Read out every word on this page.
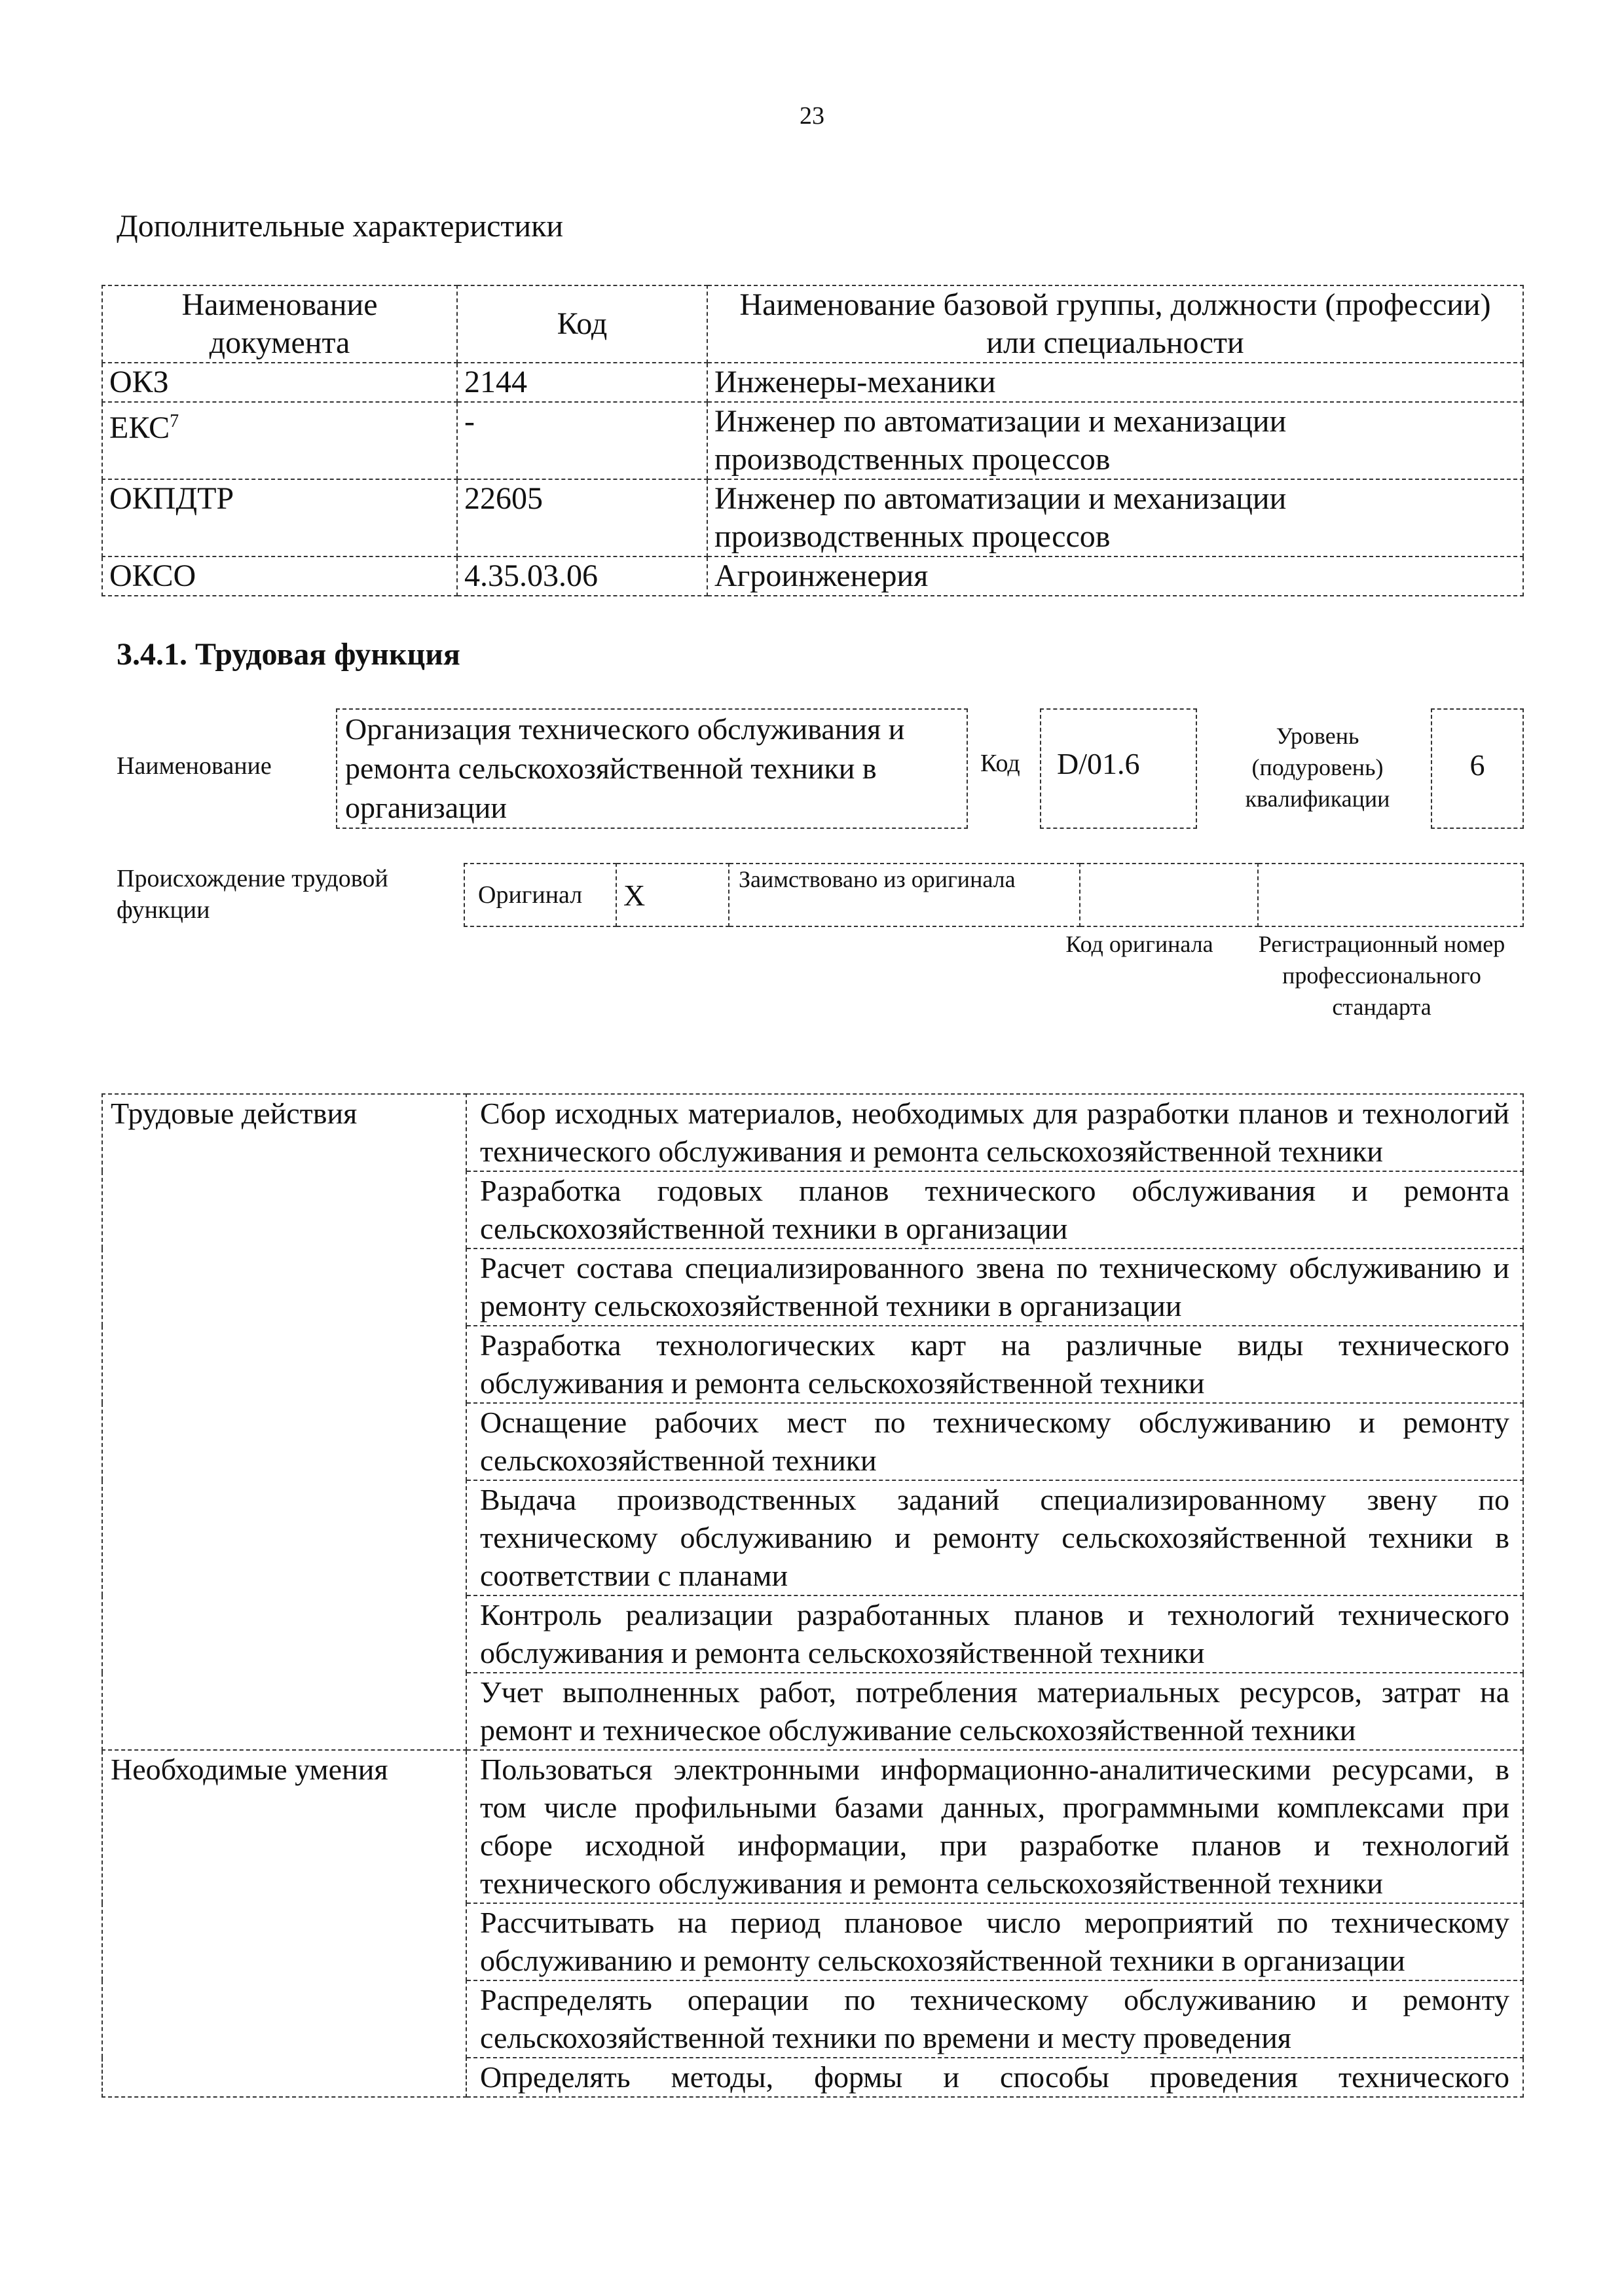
23
Дополнительные характеристики
Наименование документа	Код	Наименование базовой группы, должности (профессии) или специальности
ОКЗ	2144	Инженеры-механики
ЕКС$^7$	-	Инженер по автоматизации и механизации производственных процессов
ОКПДТР	22605	Инженер по автоматизации и механизации производственных процессов
ОКСО	4.35.03.06	Агроинженерия
3.4.1. Трудовая функция
Наименование
Организация технического обслуживания и ремонта сельскохозяйственной техники в организации
Код	D/01.6
Уровень (подуровень) квалификации
6
Происхождение трудовой функции
Оригинал	X	Заимствовано из оригинала		
Код оригинала	Регистрационный номер профессионального стандарта
Трудовые действия	Сбор исходных материалов, необходимых для разработки планов и технологий технического обслуживания и ремонта сельскохозяйственной техники
	Разработка годовых планов технического обслуживания и ремонта сельскохозяйственной техники в организации
	Расчет состава специализированного звена по техническому обслуживанию и ремонту сельскохозяйственной техники в организации
	Разработка технологических карт на различные виды технического обслуживания и ремонта сельскохозяйственной техники
	Оснащение рабочих мест по техническому обслуживанию и ремонту сельскохозяйственной техники
	Выдача производственных заданий специализированному звену по техническому обслуживанию и ремонту сельскохозяйственной техники в соответствии с планами
	Контроль реализации разработанных планов и технологий технического обслуживания и ремонта сельскохозяйственной техники
	Учет выполненных работ, потребления материальных ресурсов, затрат на ремонт и техническое обслуживание сельскохозяйственной техники
Необходимые умения	Пользоваться электронными информационно-аналитическими ресурсами, в том числе профильными базами данных, программными комплексами при сборе исходной информации, при разработке планов и технологий технического обслуживания и ремонта сельскохозяйственной техники
	Рассчитывать на период плановое число мероприятий по техническому обслуживанию и ремонту сельскохозяйственной техники в организации
	Распределять операции по техническому обслуживанию и ремонту сельскохозяйственной техники по времени и месту проведения
	Определять методы, формы и способы проведения технического
